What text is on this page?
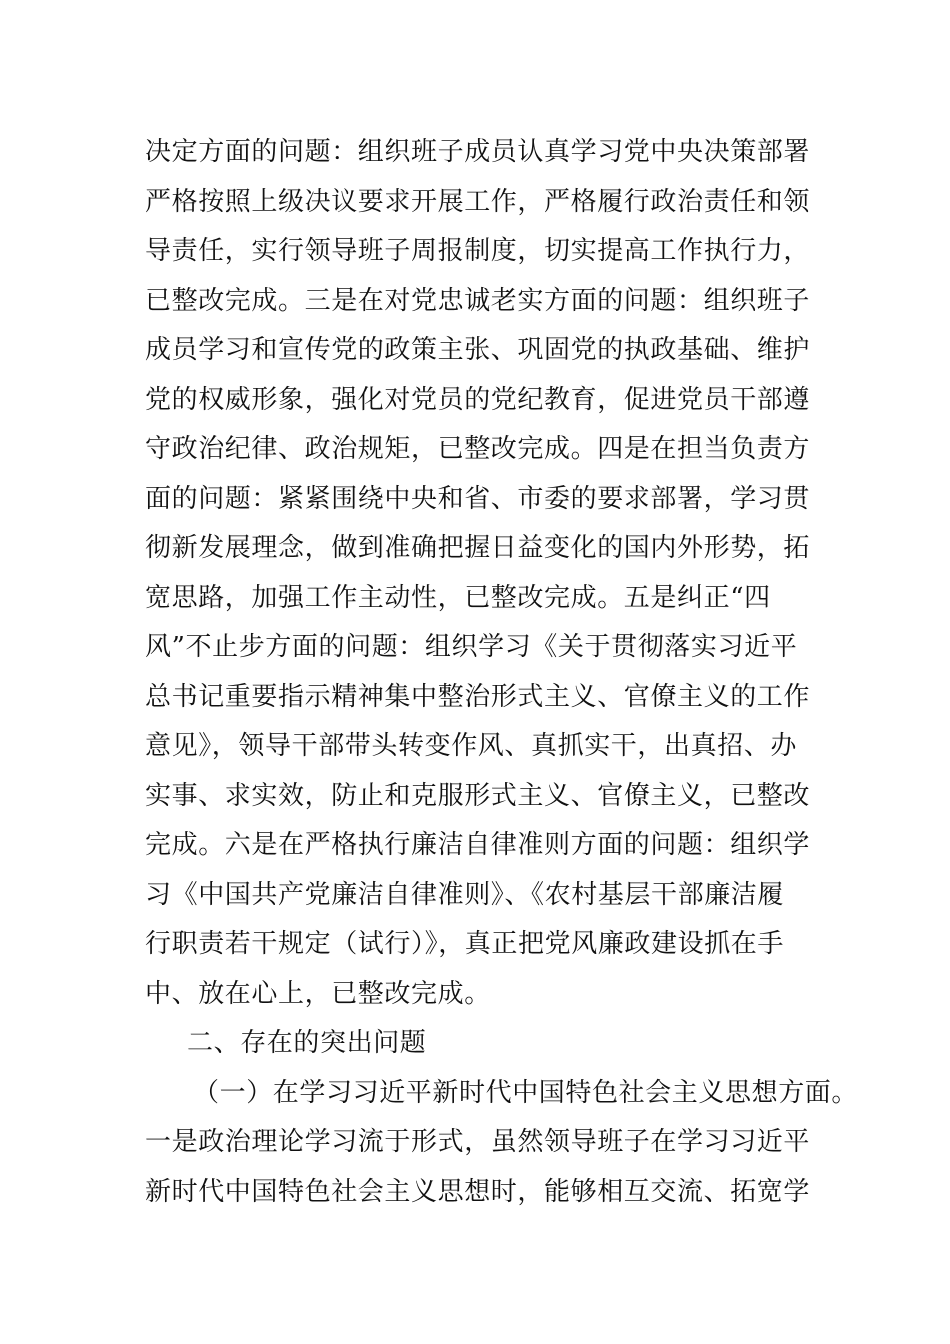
决定方面的问题：组织班子成员认真学习党中央决策部署
严格按照上级决议要求开展工作，严格履行政治责任和领
导责任，实行领导班子周报制度，切实提高工作执行力，
已整改完成。三是在对党忠诚老实方面的问题：组织班子
成员学习和宣传党的政策主张、巩固党的执政基础、维护
党的权威形象，强化对党员的党纪教育，促进党员干部遵
守政治纪律、政治规矩，已整改完成。四是在担当负责方
面的问题：紧紧围绕中央和省、市委的要求部署，学习贯
彻新发展理念，做到准确把握日益变化的国内外形势，拓
宽思路，加强工作主动性，已整改完成。五是纠正“四
风”不止步方面的问题：组织学习《关于贯彻落实习近平
总书记重要指示精神集中整治形式主义、官僚主义的工作
意见》，领导干部带头转变作风、真抓实干，出真招、办
实事、求实效，防止和克服形式主义、官僚主义，已整改
完成。六是在严格执行廉洁自律准则方面的问题：组织学
习《中国共产党廉洁自律准则》、《农村基层干部廉洁履
行职责若干规定（试行）》，真正把党风廉政建设抓在手
中、放在心上，已整改完成。
二、存在的突出问题
（一）在学习习近平新时代中国特色社会主义思想方面。
一是政治理论学习流于形式，虽然领导班子在学习习近平
新时代中国特色社会主义思想时，能够相互交流、拓宽学
